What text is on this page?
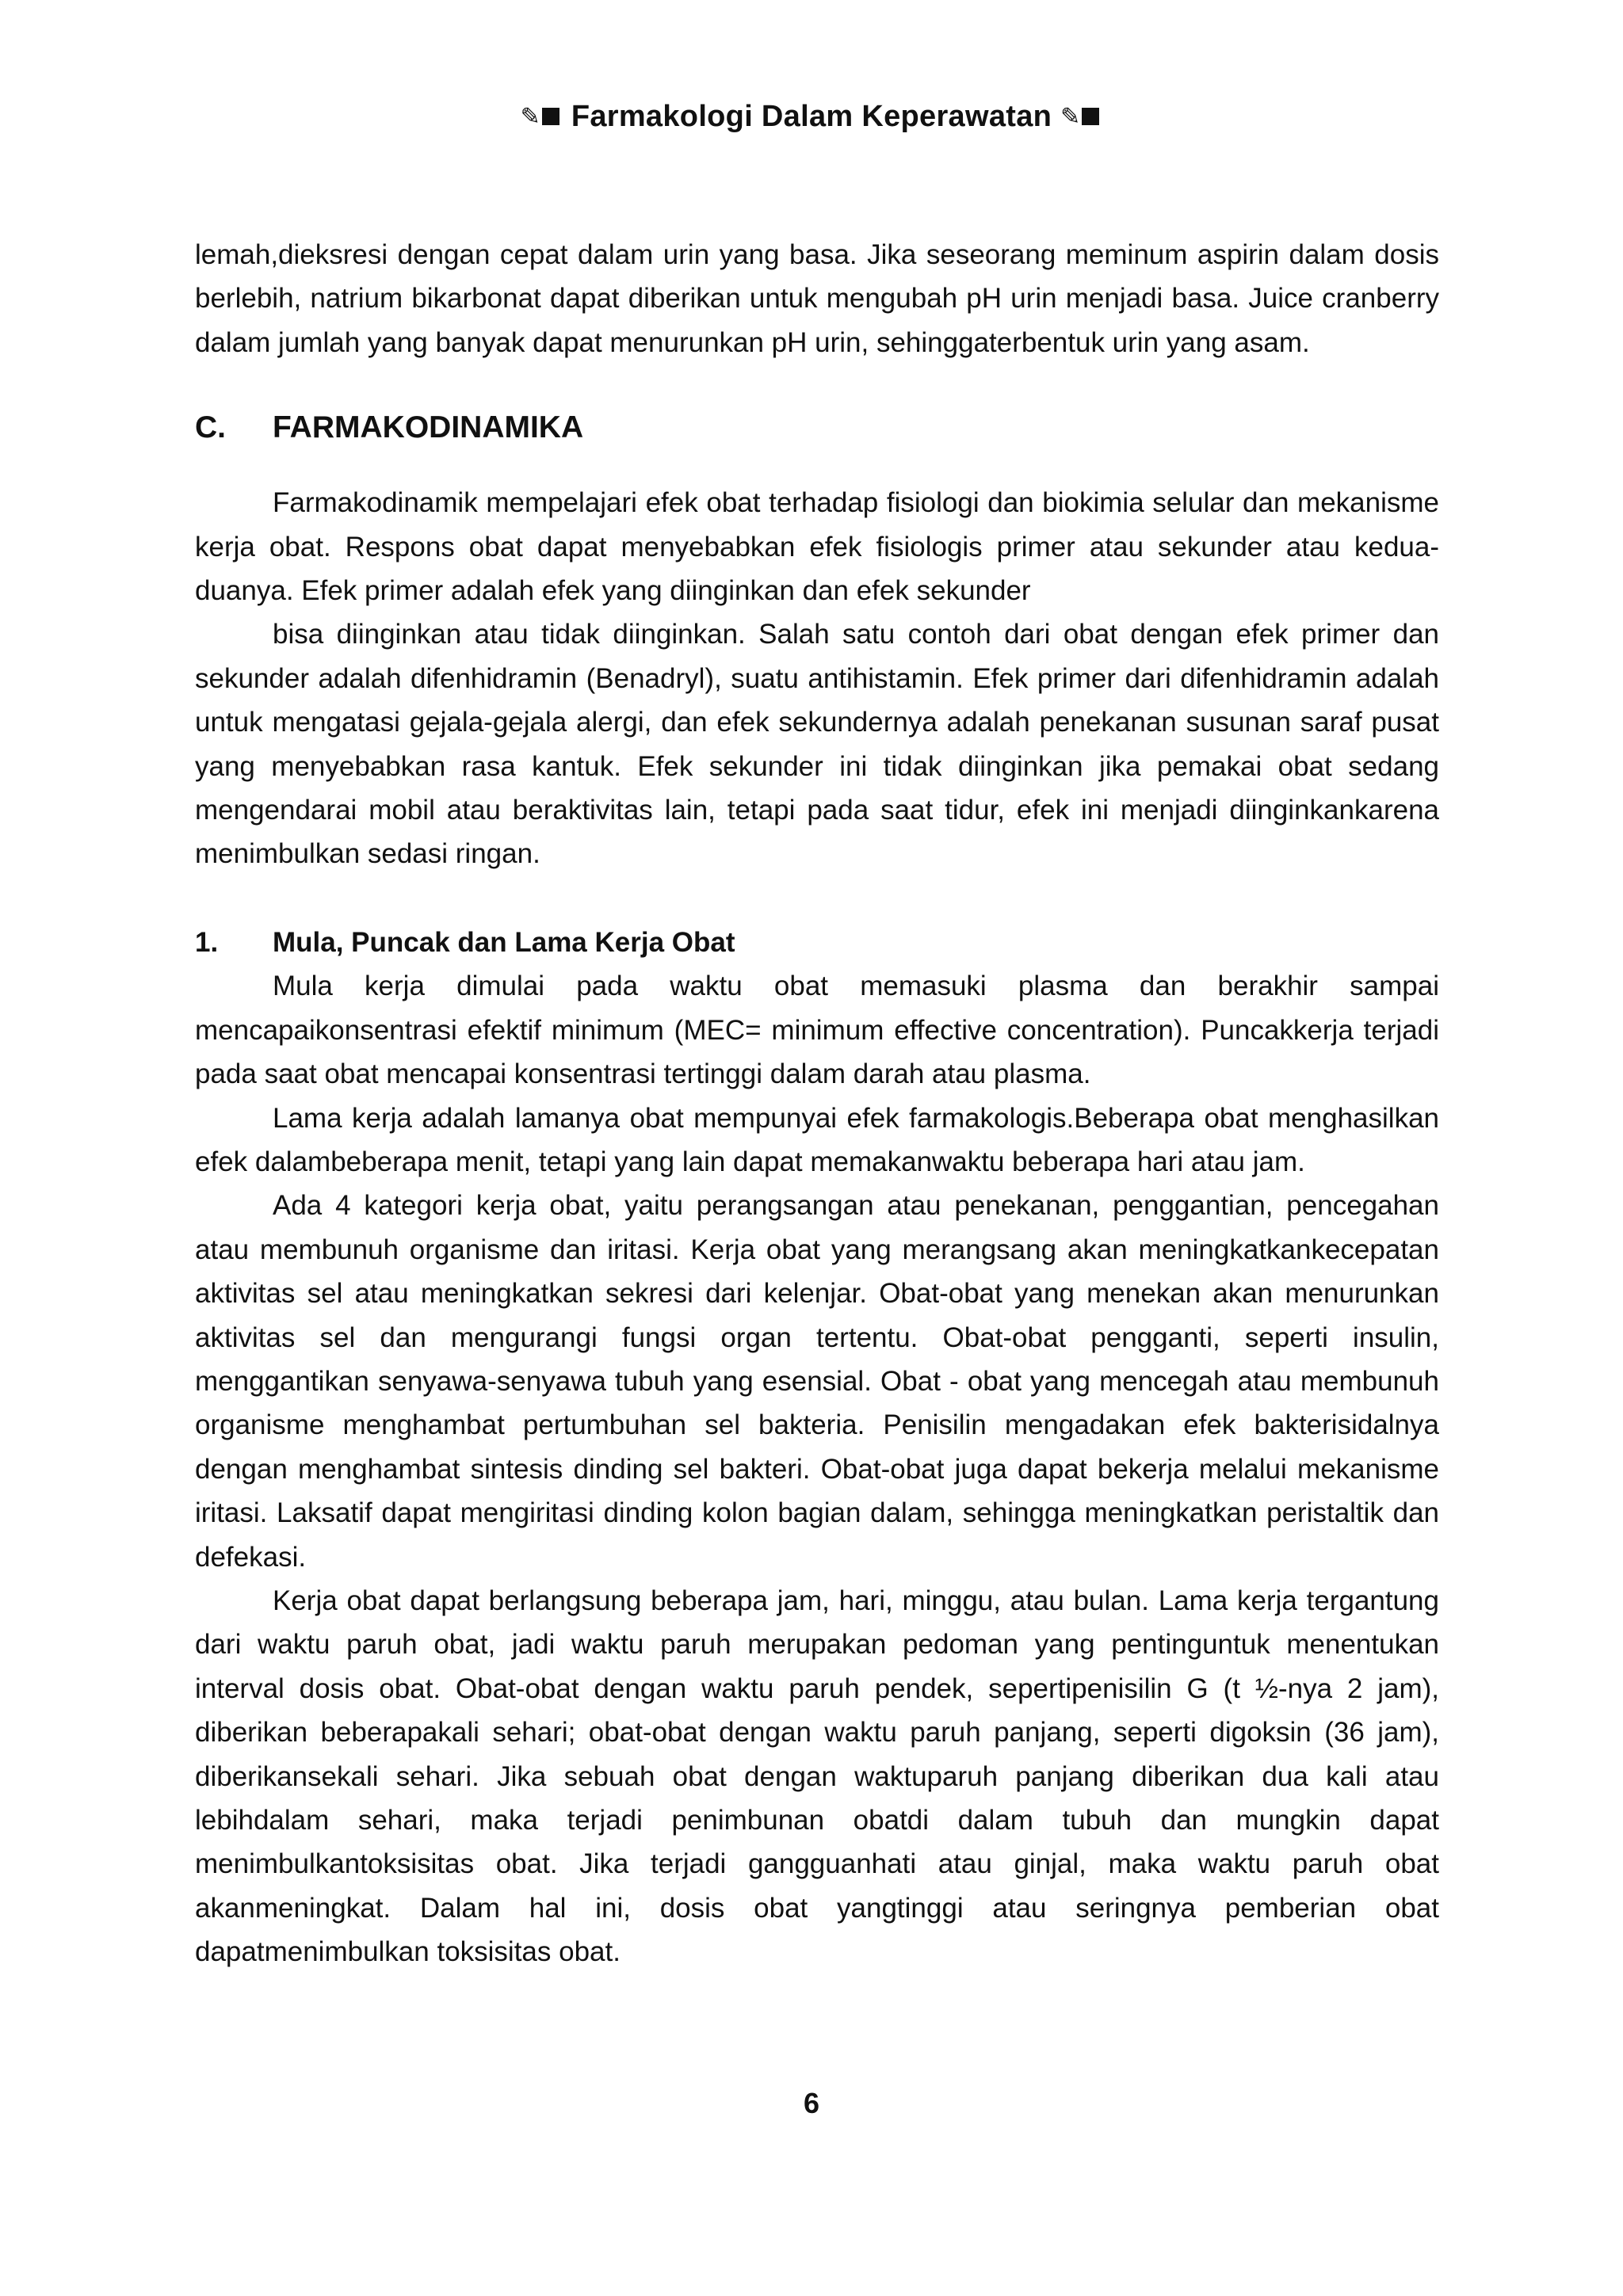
✎ Farmakologi Dalam Keperawatan ✎

lemah,dieksresi dengan cepat dalam urin yang basa. Jika seseorang meminum aspirin dalam dosis berlebih, natrium bikarbonat dapat diberikan untuk mengubah pH urin menjadi basa. Juice cranberry dalam jumlah yang banyak dapat menurunkan pH urin, sehinggaterbentuk urin yang asam.

C.	FARMAKODINAMIKA

Farmakodinamik mempelajari efek obat terhadap fisiologi dan biokimia selular dan mekanisme kerja obat. Respons obat dapat menyebabkan efek fisiologis primer atau sekunder atau kedua-duanya. Efek primer adalah efek yang diinginkan dan efek sekunder

bisa diinginkan atau tidak diinginkan. Salah satu contoh dari obat dengan efek primer dan sekunder adalah difenhidramin (Benadryl), suatu antihistamin. Efek primer dari difenhidramin adalah untuk mengatasi gejala-gejala alergi, dan efek sekundernya adalah penekanan susunan saraf pusat yang menyebabkan rasa kantuk. Efek sekunder ini tidak diinginkan jika pemakai obat sedang mengendarai mobil atau beraktivitas lain, tetapi pada saat tidur, efek ini menjadi diinginkankarena menimbulkan sedasi ringan.

1.	Mula, Puncak dan Lama Kerja Obat

Mula kerja dimulai pada waktu obat memasuki plasma dan berakhir sampai mencapaikonsentrasi efektif minimum (MEC= minimum effective concentration). Puncakkerja terjadi pada saat obat mencapai konsentrasi tertinggi dalam darah atau plasma.

Lama kerja adalah lamanya obat mempunyai efek farmakologis.Beberapa obat menghasilkan efek dalambeberapa menit, tetapi yang lain dapat memakanwaktu beberapa hari atau jam.

Ada 4 kategori kerja obat, yaitu perangsangan atau penekanan, penggantian, pencegahan atau membunuh organisme dan iritasi. Kerja obat yang merangsang akan meningkatkankecepatan aktivitas sel atau meningkatkan sekresi dari kelenjar. Obat-obat yang menekan akan menurunkan aktivitas sel dan mengurangi fungsi organ tertentu. Obat-obat pengganti, seperti insulin, menggantikan senyawa-senyawa tubuh yang esensial. Obat - obat yang mencegah atau membunuh organisme menghambat pertumbuhan sel bakteria. Penisilin mengadakan efek bakterisidalnya dengan menghambat sintesis dinding sel bakteri. Obat-obat juga dapat bekerja melalui mekanisme iritasi. Laksatif dapat mengiritasi dinding kolon bagian dalam, sehingga meningkatkan peristaltik dan defekasi.

Kerja obat dapat berlangsung beberapa jam, hari, minggu, atau bulan. Lama kerja tergantung dari waktu paruh obat, jadi waktu paruh merupakan pedoman yang pentinguntuk menentukan interval dosis obat. Obat-obat dengan waktu paruh pendek, sepertipenisilin G (t ½-nya 2 jam), diberikan beberapakali sehari; obat-obat dengan waktu paruh panjang, seperti digoksin (36 jam), diberikansekali sehari. Jika sebuah obat dengan waktuparuh panjang diberikan dua kali atau lebihdalam sehari, maka terjadi penimbunan obatdi dalam tubuh dan mungkin dapat menimbulkantoksisitas obat. Jika terjadi gangguanhati atau ginjal, maka waktu paruh obat akanmeningkat. Dalam hal ini, dosis obat yangtinggi atau seringnya pemberian obat dapatmenimbulkan toksisitas obat.

6
